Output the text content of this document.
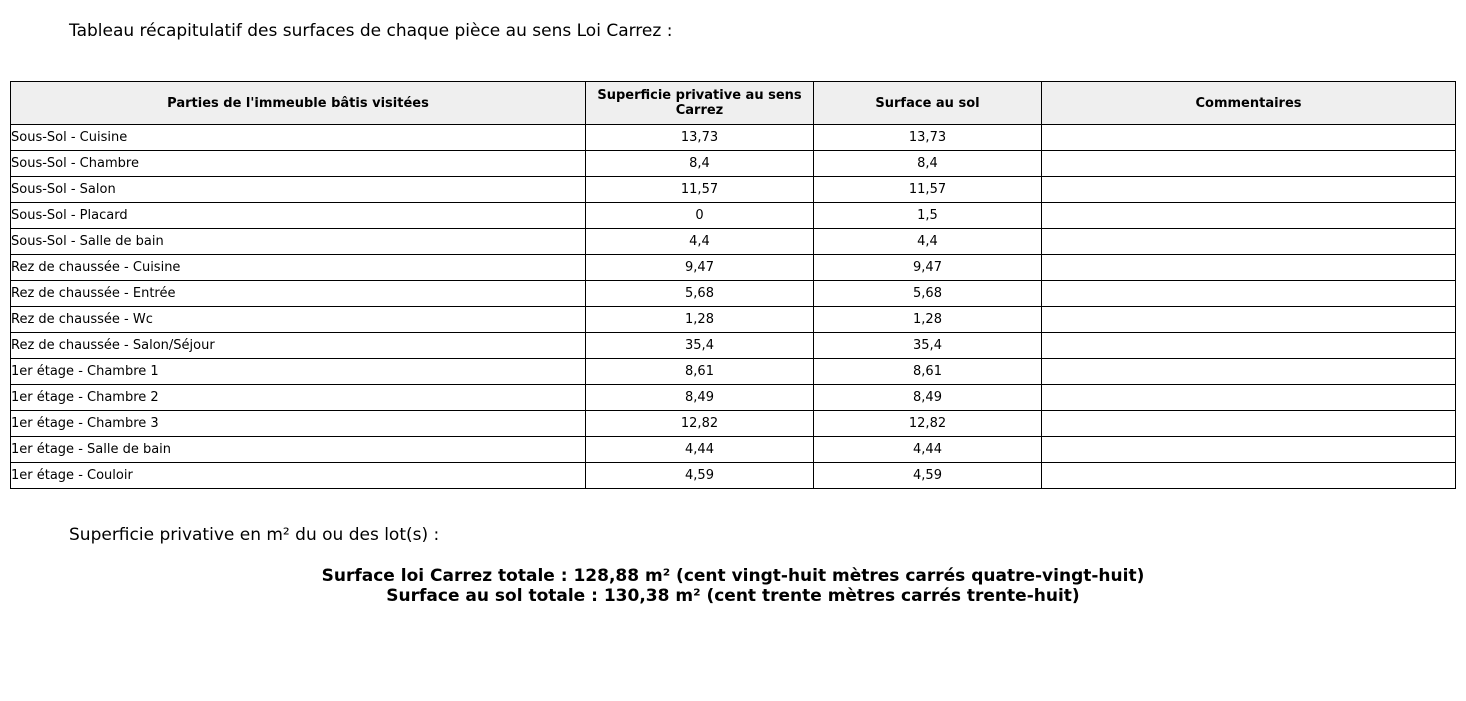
Tableau récapitulatif des surfaces de chaque pièce au sens Loi Carrez :
Parties de l'immeuble bâtis visitées	Superficie privative au sens Carrez	Surface au sol	Commentaires
Sous-Sol - Cuisine	13,73	13,73	
Sous-Sol - Chambre	8,4	8,4	
Sous-Sol - Salon	11,57	11,57	
Sous-Sol - Placard	0	1,5	
Sous-Sol - Salle de bain	4,4	4,4	
Rez de chaussée - Cuisine	9,47	9,47	
Rez de chaussée - Entrée	5,68	5,68	
Rez de chaussée - Wc	1,28	1,28	
Rez de chaussée - Salon/Séjour	35,4	35,4	
1er étage - Chambre 1	8,61	8,61	
1er étage - Chambre 2	8,49	8,49	
1er étage - Chambre 3	12,82	12,82	
1er étage - Salle de bain	4,44	4,44	
1er étage - Couloir	4,59	4,59	
Superficie privative en m² du ou des lot(s) :
Surface loi Carrez totale : 128,88 m² (cent vingt-huit mètres carrés quatre-vingt-huit)
Surface au sol totale : 130,38 m² (cent trente mètres carrés trente-huit)
